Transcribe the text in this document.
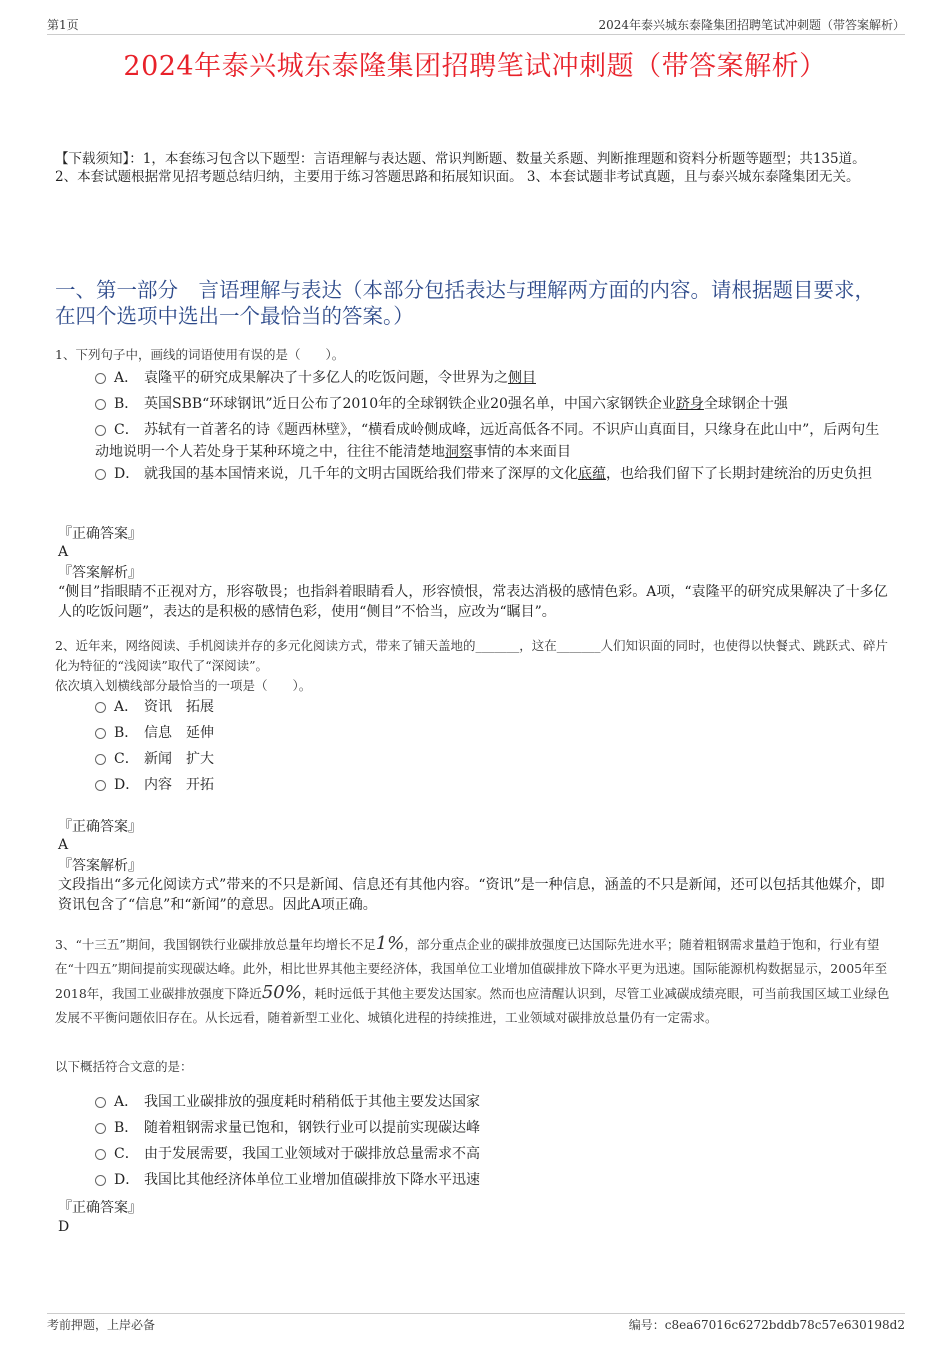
第1页	2024年泰兴城东泰隆集团招聘笔试冲刺题（带答案解析）
2024年泰兴城东泰隆集团招聘笔试冲刺题（带答案解析）
【下载须知】：1，本套练习包含以下题型：言语理解与表达题、常识判断题、数量关系题、判断推理题和资料分析题等题型；共135道。 2、本套试题根据常见招考题总结归纳，主要用于练习答题思路和拓展知识面。 3、本套试题非考试真题，且与泰兴城东泰隆集团无关。
一、第一部分　言语理解与表达（本部分包括表达与理解两方面的内容。请根据题目要求，在四个选项中选出一个最恰当的答案。）
1、下列句子中，画线的词语使用有误的是（　　）。
A． 袁隆平的研究成果解决了十多亿人的吃饭问题，令世界为之侧目
B． 英国SBB“环球钢讯”近日公布了2010年的全球钢铁企业20强名单，中国六家钢铁企业跻身全球钢企十强
C． 苏轼有一首著名的诗《题西林壁》，“横看成岭侧成峰，远近高低各不同。不识庐山真面目，只缘身在此山中”，后两句生动地说明一个人若处身于某种环境之中，往往不能清楚地洞察事情的本来面目
D． 就我国的基本国情来说，几千年的文明古国既给我们带来了深厚的文化底蕴，也给我们留下了长期封建统治的历史负担
『正确答案』
A
『答案解析』
“侧目”指眼睛不正视对方，形容敬畏；也指斜着眼睛看人，形容愤恨，常表达消极的感情色彩。A项，“袁隆平的研究成果解决了十多亿人的吃饭问题”，表达的是积极的感情色彩，使用“侧目”不恰当，应改为“瞩目”。
2、近年来，网络阅读、手机阅读并存的多元化阅读方式，带来了铺天盖地的_______，这在_______人们知识面的同时，也使得以快餐式、跳跃式、碎片化为特征的“浅阅读”取代了“深阅读”。
依次填入划横线部分最恰当的一项是（　　）。
A． 资讯　拓展
B． 信息　延伸
C． 新闻　扩大
D． 内容　开拓
『正确答案』
A
『答案解析』
文段指出“多元化阅读方式”带来的不只是新闻、信息还有其他内容。“资讯”是一种信息，涵盖的不只是新闻，还可以包括其他媒介，即资讯包含了“信息”和“新闻”的意思。因此A项正确。
3、“十三五”期间，我国钢铁行业碳排放总量年均增长不足1%，部分重点企业的碳排放强度已达国际先进水平；随着粗钢需求量趋于饱和，行业有望在“十四五”期间提前实现碳达峰。此外，相比世界其他主要经济体，我国单位工业增加值碳排放下降水平更为迅速。国际能源机构数据显示，2005年至2018年，我国工业碳排放强度下降近50%，耗时远低于其他主要发达国家。然而也应清醒认识到，尽管工业减碳成绩亮眼，可当前我国区域工业绿色发展不平衡问题依旧存在。从长远看，随着新型工业化、城镇化进程的持续推进，工业领域对碳排放总量仍有一定需求。
以下概括符合文意的是：
A． 我国工业碳排放的强度耗时稍稍低于其他主要发达国家
B． 随着粗钢需求量已饱和，钢铁行业可以提前实现碳达峰
C． 由于发展需要，我国工业领域对于碳排放总量需求不高
D． 我国比其他经济体单位工业增加值碳排放下降水平迅速
『正确答案』
D
考前押题，上岸必备	编号：c8ea67016c6272bddb78c57e630198d2
